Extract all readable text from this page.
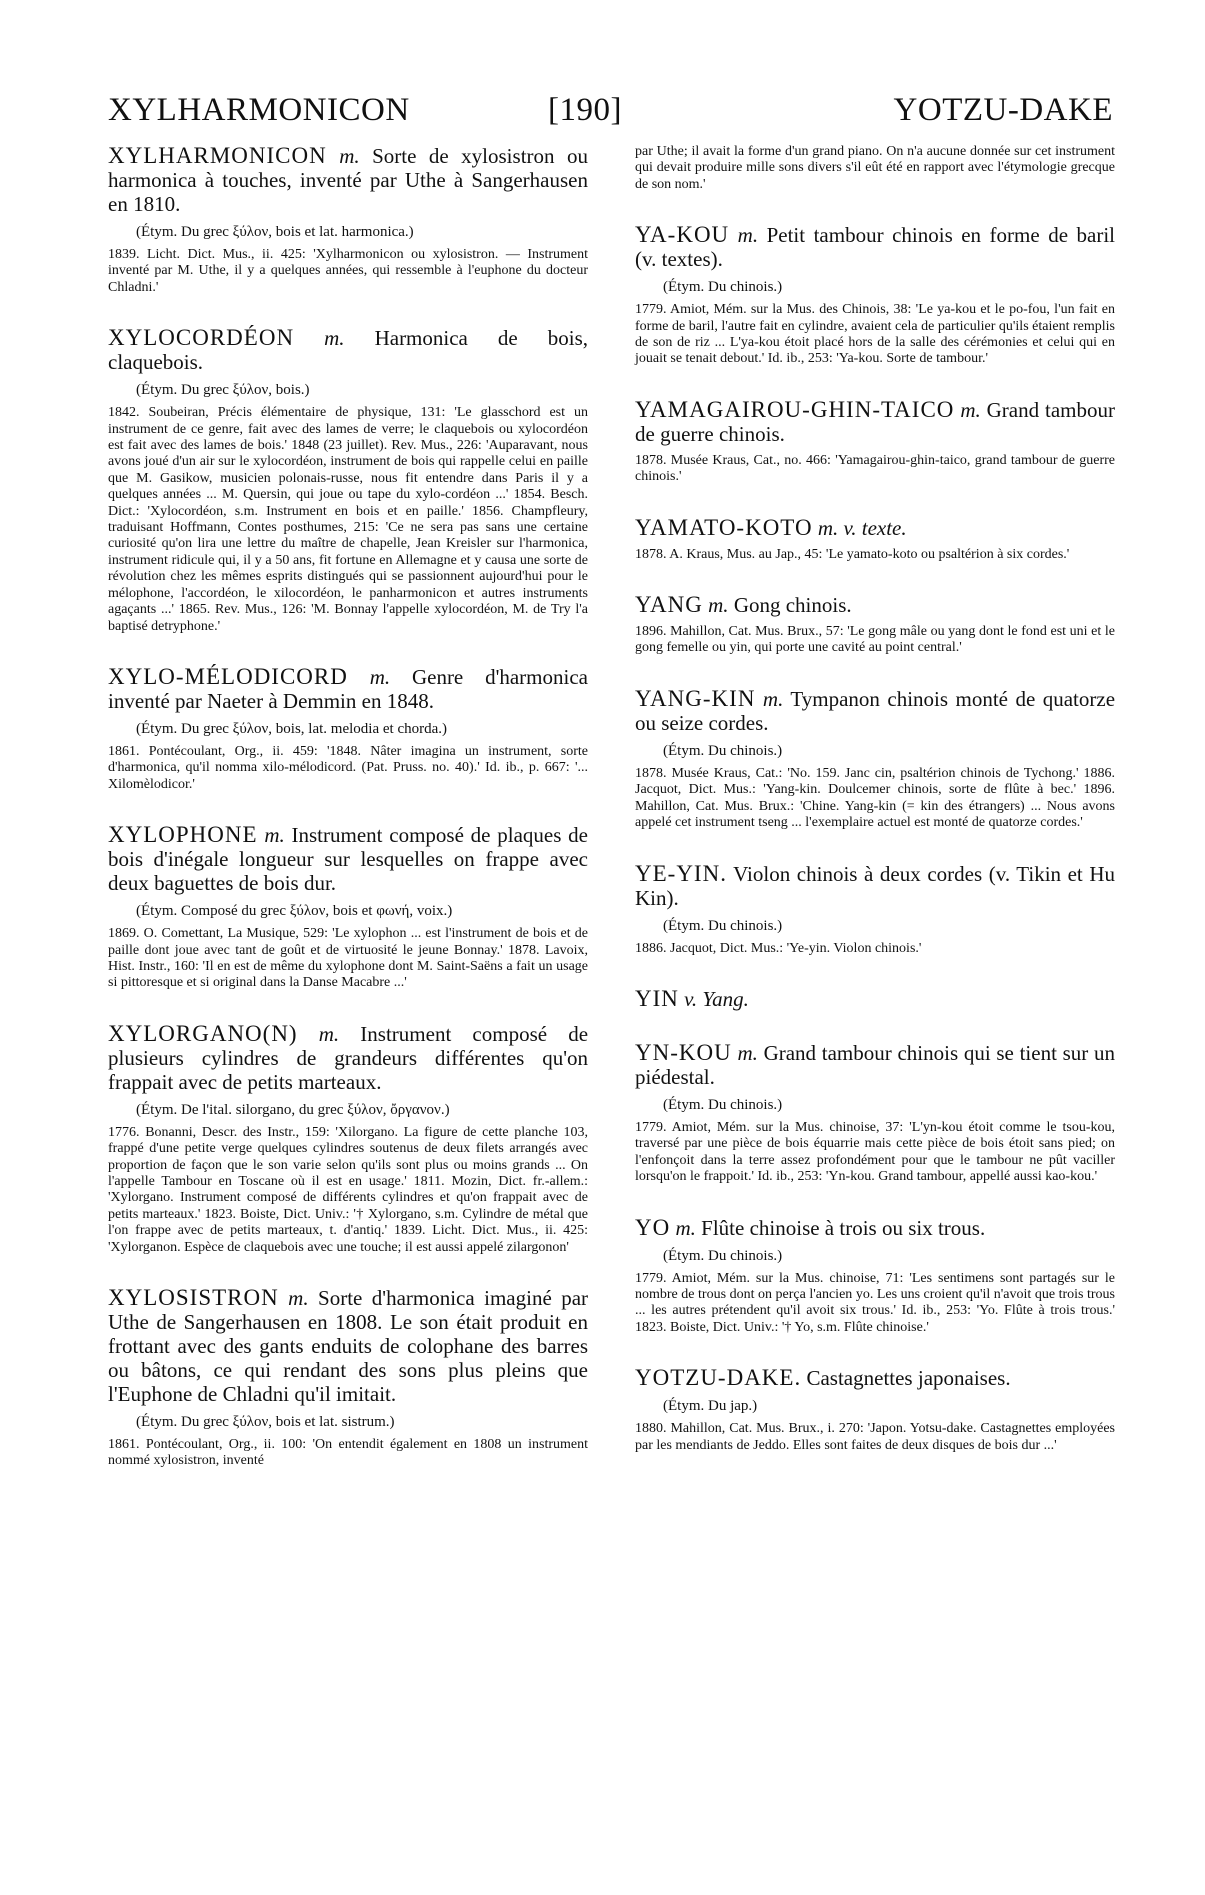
XYLHARMONICON	[190]	YOTZU-DAKE

XYLHARMONICON m. Sorte de xylosistron ou harmonica à touches, inventé par Uthe à Sangerhausen en 1810.

(Étym. Du grec ξύλον, bois et lat. harmonica.)

1839. Licht. Dict. Mus., ii. 425: 'Xylharmonicon ou xylosistron. — Instrument inventé par M. Uthe, il y a quelques années, qui ressemble à l'euphone du docteur Chladni.'

XYLOCORDÉON m. Harmonica de bois, claquebois.

(Étym. Du grec ξύλον, bois.)

1842. Soubeiran, Précis élémentaire de physique, 131: 'Le glasschord est un instrument de ce genre, fait avec des lames de verre; le claquebois ou xylocordéon est fait avec des lames de bois.' 1848 (23 juillet). Rev. Mus., 226: 'Auparavant, nous avons joué d'un air sur le xylocordéon, instrument de bois qui rappelle celui en paille que M. Gasikow, musicien polonais-russe, nous fit entendre dans Paris il y a quelques années ... M. Quersin, qui joue ou tape du xylo-cordéon ...' 1854. Besch. Dict.: 'Xylocordéon, s.m. Instrument en bois et en paille.' 1856. Champfleury, traduisant Hoffmann, Contes posthumes, 215: 'Ce ne sera pas sans une certaine curiosité qu'on lira une lettre du maître de chapelle, Jean Kreisler sur l'harmonica, instrument ridicule qui, il y a 50 ans, fit fortune en Allemagne et y causa une sorte de révolution chez les mêmes esprits distingués qui se passionnent aujourd'hui pour le mélophone, l'accordéon, le xilocordéon, le panharmonicon et autres instruments agaçants ...' 1865. Rev. Mus., 126: 'M. Bonnay l'appelle xylocordéon, M. de Try l'a baptisé detryphone.'

XYLO-MÉLODICORD m. Genre d'harmonica inventé par Naeter à Demmin en 1848.

(Étym. Du grec ξύλον, bois, lat. melodia et chorda.)

1861. Pontécoulant, Org., ii. 459: '1848. Nâter imagina un instrument, sorte d'harmonica, qu'il nomma xilo-mélodicord. (Pat. Pruss. no. 40).' Id. ib., p. 667: '... Xilomèlodicor.'

XYLOPHONE m. Instrument composé de plaques de bois d'inégale longueur sur lesquelles on frappe avec deux baguettes de bois dur.

(Étym. Composé du grec ξύλον, bois et φωνή, voix.)

1869. O. Comettant, La Musique, 529: 'Le xylophon ... est l'instrument de bois et de paille dont joue avec tant de goût et de virtuosité le jeune Bonnay.' 1878. Lavoix, Hist. Instr., 160: 'Il en est de même du xylophone dont M. Saint-Saëns a fait un usage si pittoresque et si original dans la Danse Macabre ...'

XYLORGANO(N) m. Instrument composé de plusieurs cylindres de grandeurs différentes qu'on frappait avec de petits marteaux.

(Étym. De l'ital. silorgano, du grec ξύλον, ὄργανον.)

1776. Bonanni, Descr. des Instr., 159: 'Xilorgano. La figure de cette planche 103, frappé d'une petite verge quelques cylindres soutenus de deux filets arrangés avec proportion de façon que le son varie selon qu'ils sont plus ou moins grands ... On l'appelle Tambour en Toscane où il est en usage.' 1811. Mozin, Dict. fr.-allem.: 'Xylorgano. Instrument composé de différents cylindres et qu'on frappait avec de petits marteaux.' 1823. Boiste, Dict. Univ.: '† Xylorgano, s.m. Cylindre de métal que l'on frappe avec de petits marteaux, t. d'antiq.' 1839. Licht. Dict. Mus., ii. 425: 'Xylorganon. Espèce de claquebois avec une touche; il est aussi appelé zilargonon'

XYLOSISTRON m. Sorte d'harmonica imaginé par Uthe de Sangerhausen en 1808. Le son était produit en frottant avec des gants enduits de colophane des barres ou bâtons, ce qui rendant des sons plus pleins que l'Euphone de Chladni qu'il imitait.

(Étym. Du grec ξύλον, bois et lat. sistrum.)

1861. Pontécoulant, Org., ii. 100: 'On entendit également en 1808 un instrument nommé xylosistron, inventé

par Uthe; il avait la forme d'un grand piano. On n'a aucune donnée sur cet instrument qui devait produire mille sons divers s'il eût été en rapport avec l'étymologie grecque de son nom.'

YA-KOU m. Petit tambour chinois en forme de baril (v. textes).

(Étym. Du chinois.)

1779. Amiot, Mém. sur la Mus. des Chinois, 38: 'Le ya-kou et le po-fou, l'un fait en forme de baril, l'autre fait en cylindre, avaient cela de particulier qu'ils étaient remplis de son de riz ... L'ya-kou étoit placé hors de la salle des cérémonies et celui qui en jouait se tenait debout.' Id. ib., 253: 'Ya-kou. Sorte de tambour.'

YAMAGAIROU-GHIN-TAICO m. Grand tambour de guerre chinois.

1878. Musée Kraus, Cat., no. 466: 'Yamagairou-ghin-taico, grand tambour de guerre chinois.'

YAMATO-KOTO m. v. texte.

1878. A. Kraus, Mus. au Jap., 45: 'Le yamato-koto ou psaltérion à six cordes.'

YANG m. Gong chinois.

1896. Mahillon, Cat. Mus. Brux., 57: 'Le gong mâle ou yang dont le fond est uni et le gong femelle ou yin, qui porte une cavité au point central.'

YANG-KIN m. Tympanon chinois monté de quatorze ou seize cordes.

(Étym. Du chinois.)

1878. Musée Kraus, Cat.: 'No. 159. Janc cin, psaltérion chinois de Tychong.' 1886. Jacquot, Dict. Mus.: 'Yang-kin. Doulcemer chinois, sorte de flûte à bec.' 1896. Mahillon, Cat. Mus. Brux.: 'Chine. Yang-kin (= kin des étrangers) ... Nous avons appelé cet instrument tseng ... l'exemplaire actuel est monté de quatorze cordes.'

YE-YIN. Violon chinois à deux cordes (v. Tikin et Hu Kin).

(Étym. Du chinois.)

1886. Jacquot, Dict. Mus.: 'Ye-yin. Violon chinois.'

YIN v. Yang.

YN-KOU m. Grand tambour chinois qui se tient sur un piédestal.

(Étym. Du chinois.)

1779. Amiot, Mém. sur la Mus. chinoise, 37: 'L'yn-kou étoit comme le tsou-kou, traversé par une pièce de bois équarrie mais cette pièce de bois étoit sans pied; on l'enfonçoit dans la terre assez profondément pour que le tambour ne pût vaciller lorsqu'on le frappoit.' Id. ib., 253: 'Yn-kou. Grand tambour, appellé aussi kao-kou.'

YO m. Flûte chinoise à trois ou six trous.

(Étym. Du chinois.)

1779. Amiot, Mém. sur la Mus. chinoise, 71: 'Les sentimens sont partagés sur le nombre de trous dont on perça l'ancien yo. Les uns croient qu'il n'avoit que trois trous ... les autres prétendent qu'il avoit six trous.' Id. ib., 253: 'Yo. Flûte à trois trous.' 1823. Boiste, Dict. Univ.: '† Yo, s.m. Flûte chinoise.'

YOTZU-DAKE. Castagnettes japonaises.

(Étym. Du jap.)

1880. Mahillon, Cat. Mus. Brux., i. 270: 'Japon. Yotsu-dake. Castagnettes employées par les mendiants de Jeddo. Elles sont faites de deux disques de bois dur ...'
